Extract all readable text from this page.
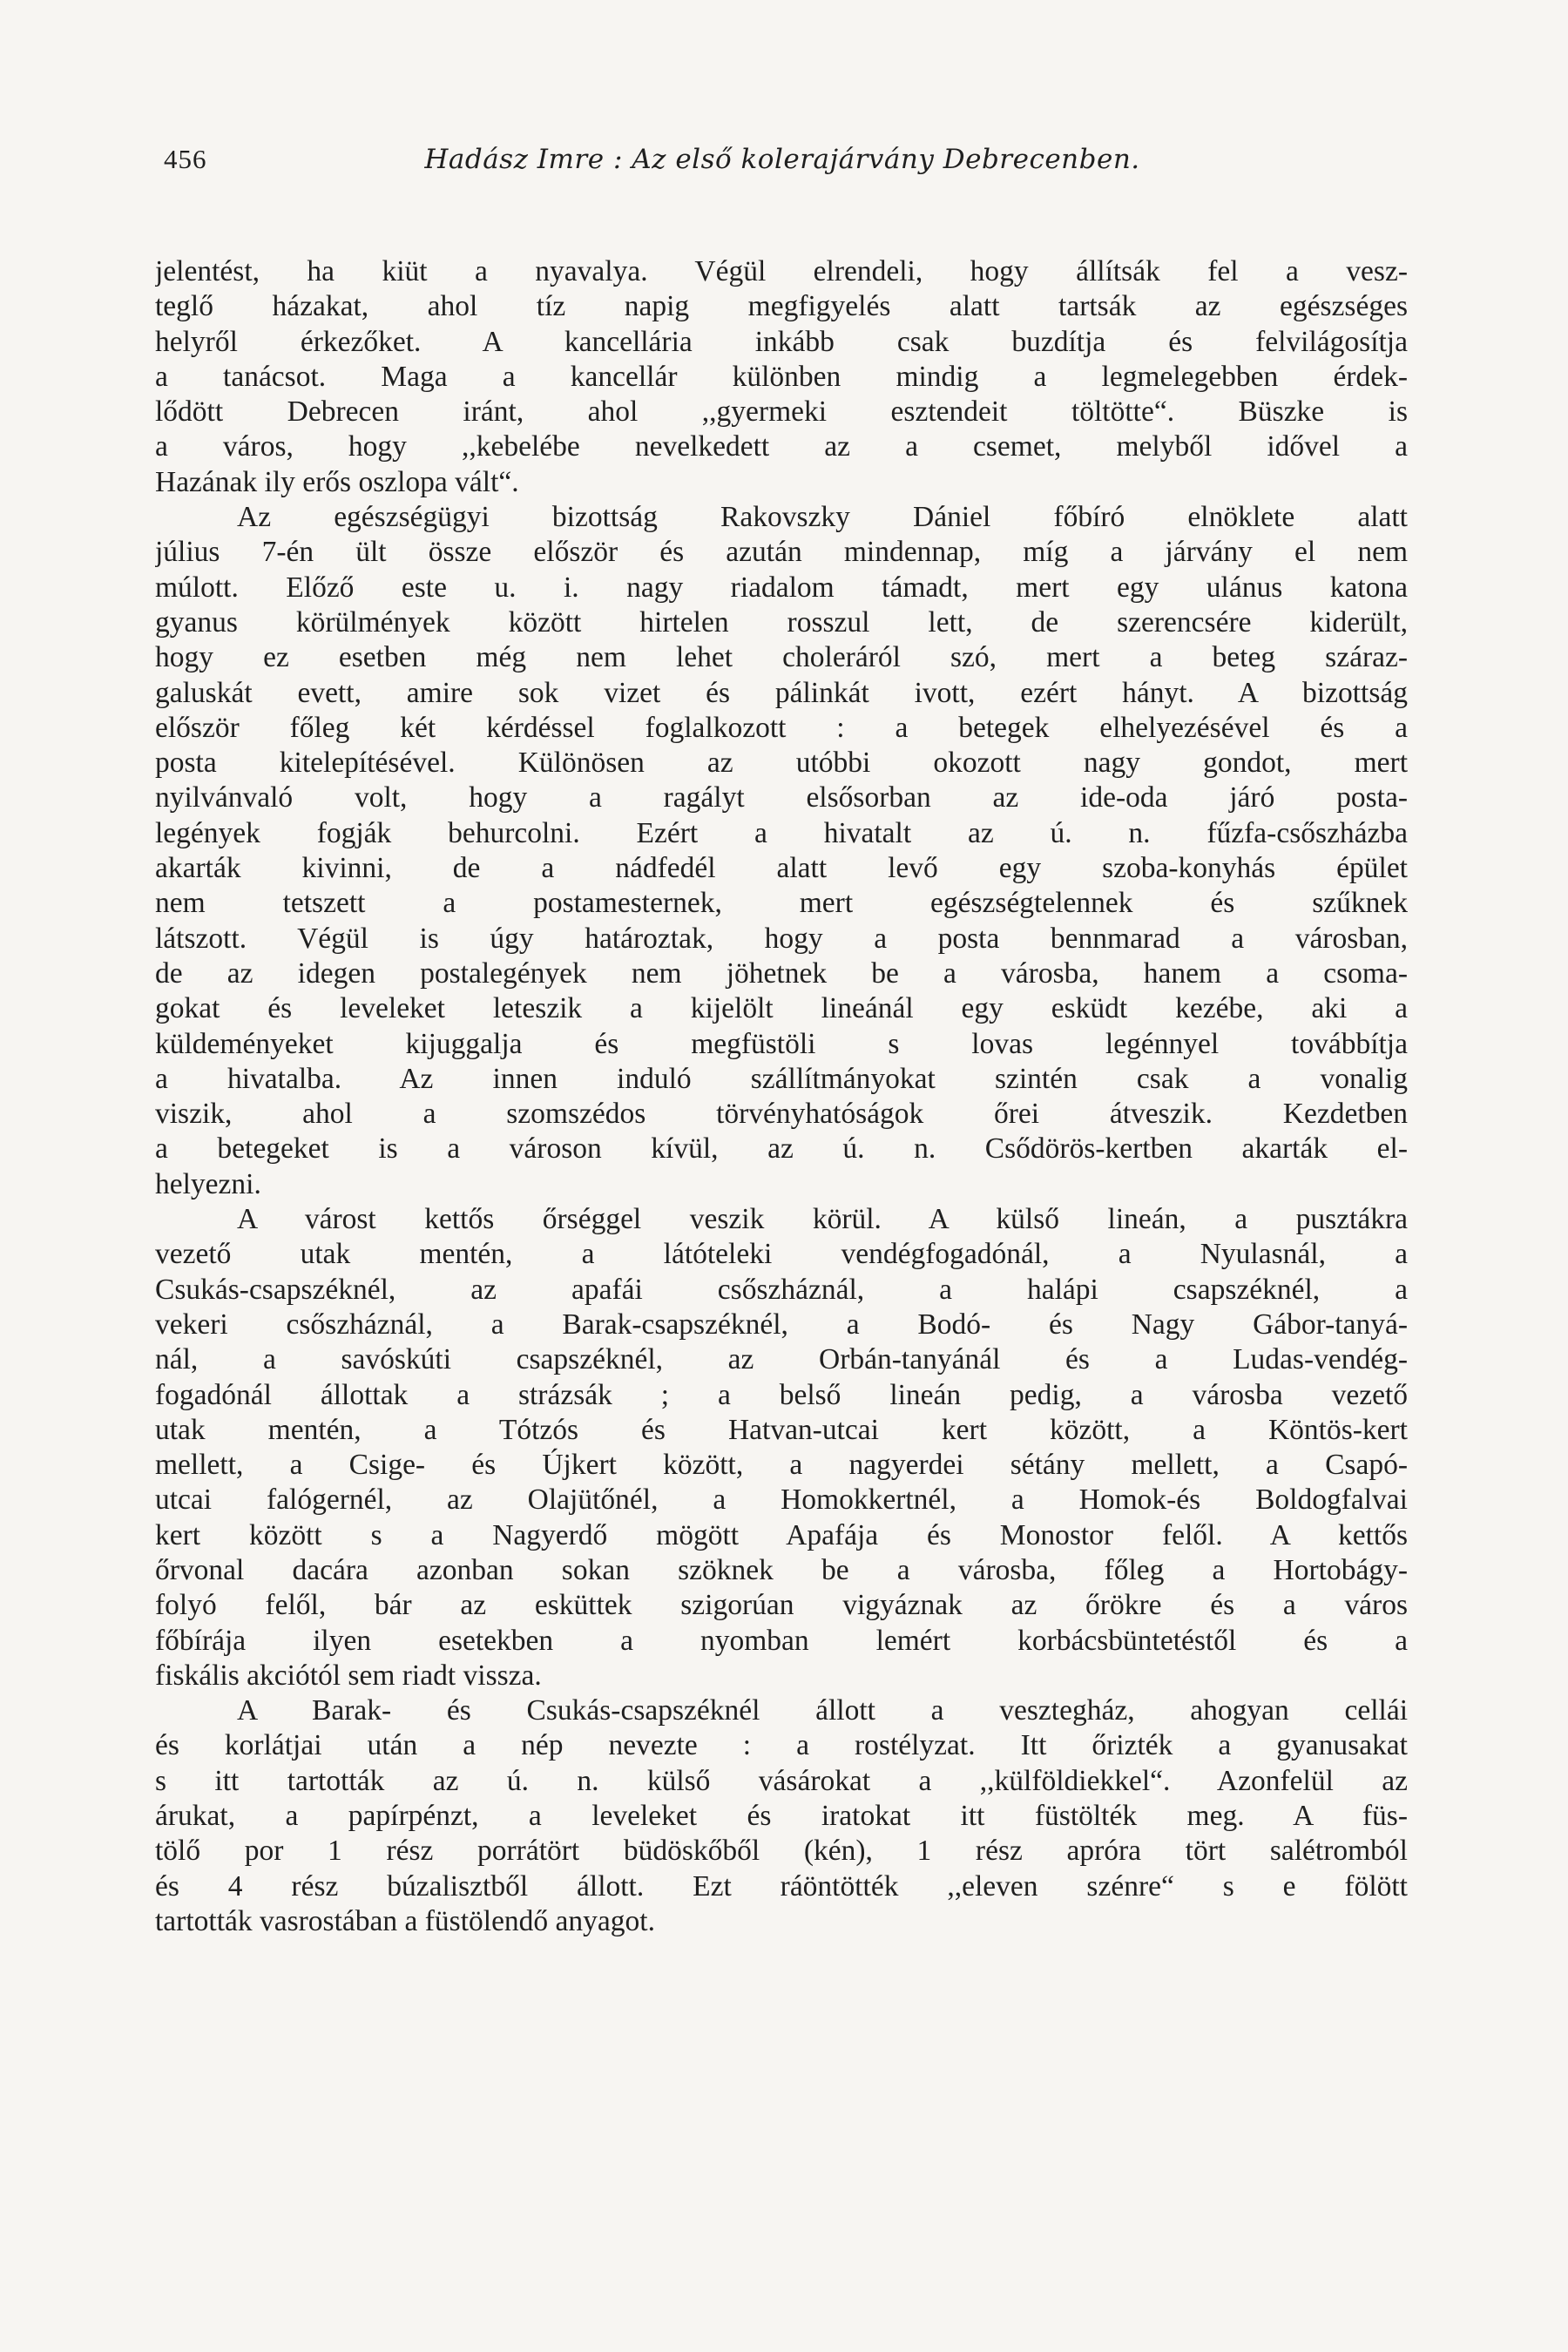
456	Hadász Imre : Az első kolerajárvány Debrecenben.
jelentést, ha kiüt a nyavalya. Végül elrendeli, hogy állítsák fel a vesz-
teglő házakat, ahol tíz napig megfigyelés alatt tartsák az egészséges
helyről érkezőket. A kancellária inkább csak buzdítja és felvilágosítja
a tanácsot. Maga a kancellár különben mindig a legmelegebben érdek-
lődött Debrecen iránt, ahol ,,gyermeki esztendeit töltötte“. Büszke is
a város, hogy ,,kebelébe nevelkedett az a csemet, melyből idővel a
Hazának ily erős oszlopa vált“.
Az egészségügyi bizottság Rakovszky Dániel főbíró elnöklete alatt
július 7-én ült össze először és azután mindennap, míg a járvány el nem
múlott. Előző este u. i. nagy riadalom támadt, mert egy ulánus katona
gyanus körülmények között hirtelen rosszul lett, de szerencsére kiderült,
hogy ez esetben még nem lehet choleráról szó, mert a beteg száraz-
galuskát evett, amire sok vizet és pálinkát ivott, ezért hányt. A bizottság
először főleg két kérdéssel foglalkozott : a betegek elhelyezésével és a
posta kitelepítésével. Különösen az utóbbi okozott nagy gondot, mert
nyilvánvaló volt, hogy a ragályt elsősorban az ide-oda járó posta-
legények fogják behurcolni. Ezért a hivatalt az ú. n. fűzfa-csőszházba
akarták kivinni, de a nádfedél alatt levő egy szoba-konyhás épület
nem tetszett a postamesternek, mert egészségtelennek és szűknek
látszott. Végül is úgy határoztak, hogy a posta bennmarad a városban,
de az idegen postalegények nem jöhetnek be a városba, hanem a csoma-
gokat és leveleket leteszik a kijelölt lineánál egy esküdt kezébe, aki a
küldeményeket kijuggalja és megfüstöli s lovas legénnyel továbbítja
a hivatalba. Az innen induló szállítmányokat szintén csak a vonalig
viszik, ahol a szomszédos törvényhatóságok őrei átveszik. Kezdetben
a betegeket is a városon kívül, az ú. n. Csődörös-kertben akarták el-
helyezni.
A várost kettős őrséggel veszik körül. A külső lineán, a pusztákra
vezető utak mentén, a látóteleki vendégfogadónál, a Nyulasnál, a
Csukás-csapszéknél, az apafái csőszháznál, a halápi csapszéknél, a
vekeri csőszháznál, a Barak-csapszéknél, a Bodó- és Nagy Gábor-tanyá-
nál, a savóskúti csapszéknél, az Orbán-tanyánál és a Ludas-vendég-
fogadónál állottak a strázsák ; a belső lineán pedig, a városba vezető
utak mentén, a Tótzós és Hatvan-utcai kert között, a Köntös-kert
mellett, a Csige- és Újkert között, a nagyerdei sétány mellett, a Csapó-
utcai falógernél, az Olajütőnél, a Homokkertnél, a Homok-és Boldogfalvai
kert között s a Nagyerdő mögött Apafája és Monostor felől. A kettős
őrvonal dacára azonban sokan szöknek be a városba, főleg a Hortobágy-
folyó felől, bár az esküttek szigorúan vigyáznak az őrökre és a város
főbírája ilyen esetekben a nyomban lemért korbácsbüntetéstől és a
fiskális akciótól sem riadt vissza.
A Barak- és Csukás-csapszéknél állott a vesztegház, ahogyan cellái
és korlátjai után a nép nevezte : a rostélyzat. Itt őrizték a gyanusakat
s itt tartották az ú. n. külső vásárokat a ,,külföldiekkel“. Azonfelül az
árukat, a papírpénzt, a leveleket és iratokat itt füstölték meg. A füs-
tölő por 1 rész porrátört büdöskőből (kén), 1 rész apróra tört salétromból
és 4 rész búzalisztből állott. Ezt ráöntötték ,,eleven szénre“ s e fölött
tartották vasrostában a füstölendő anyagot.
